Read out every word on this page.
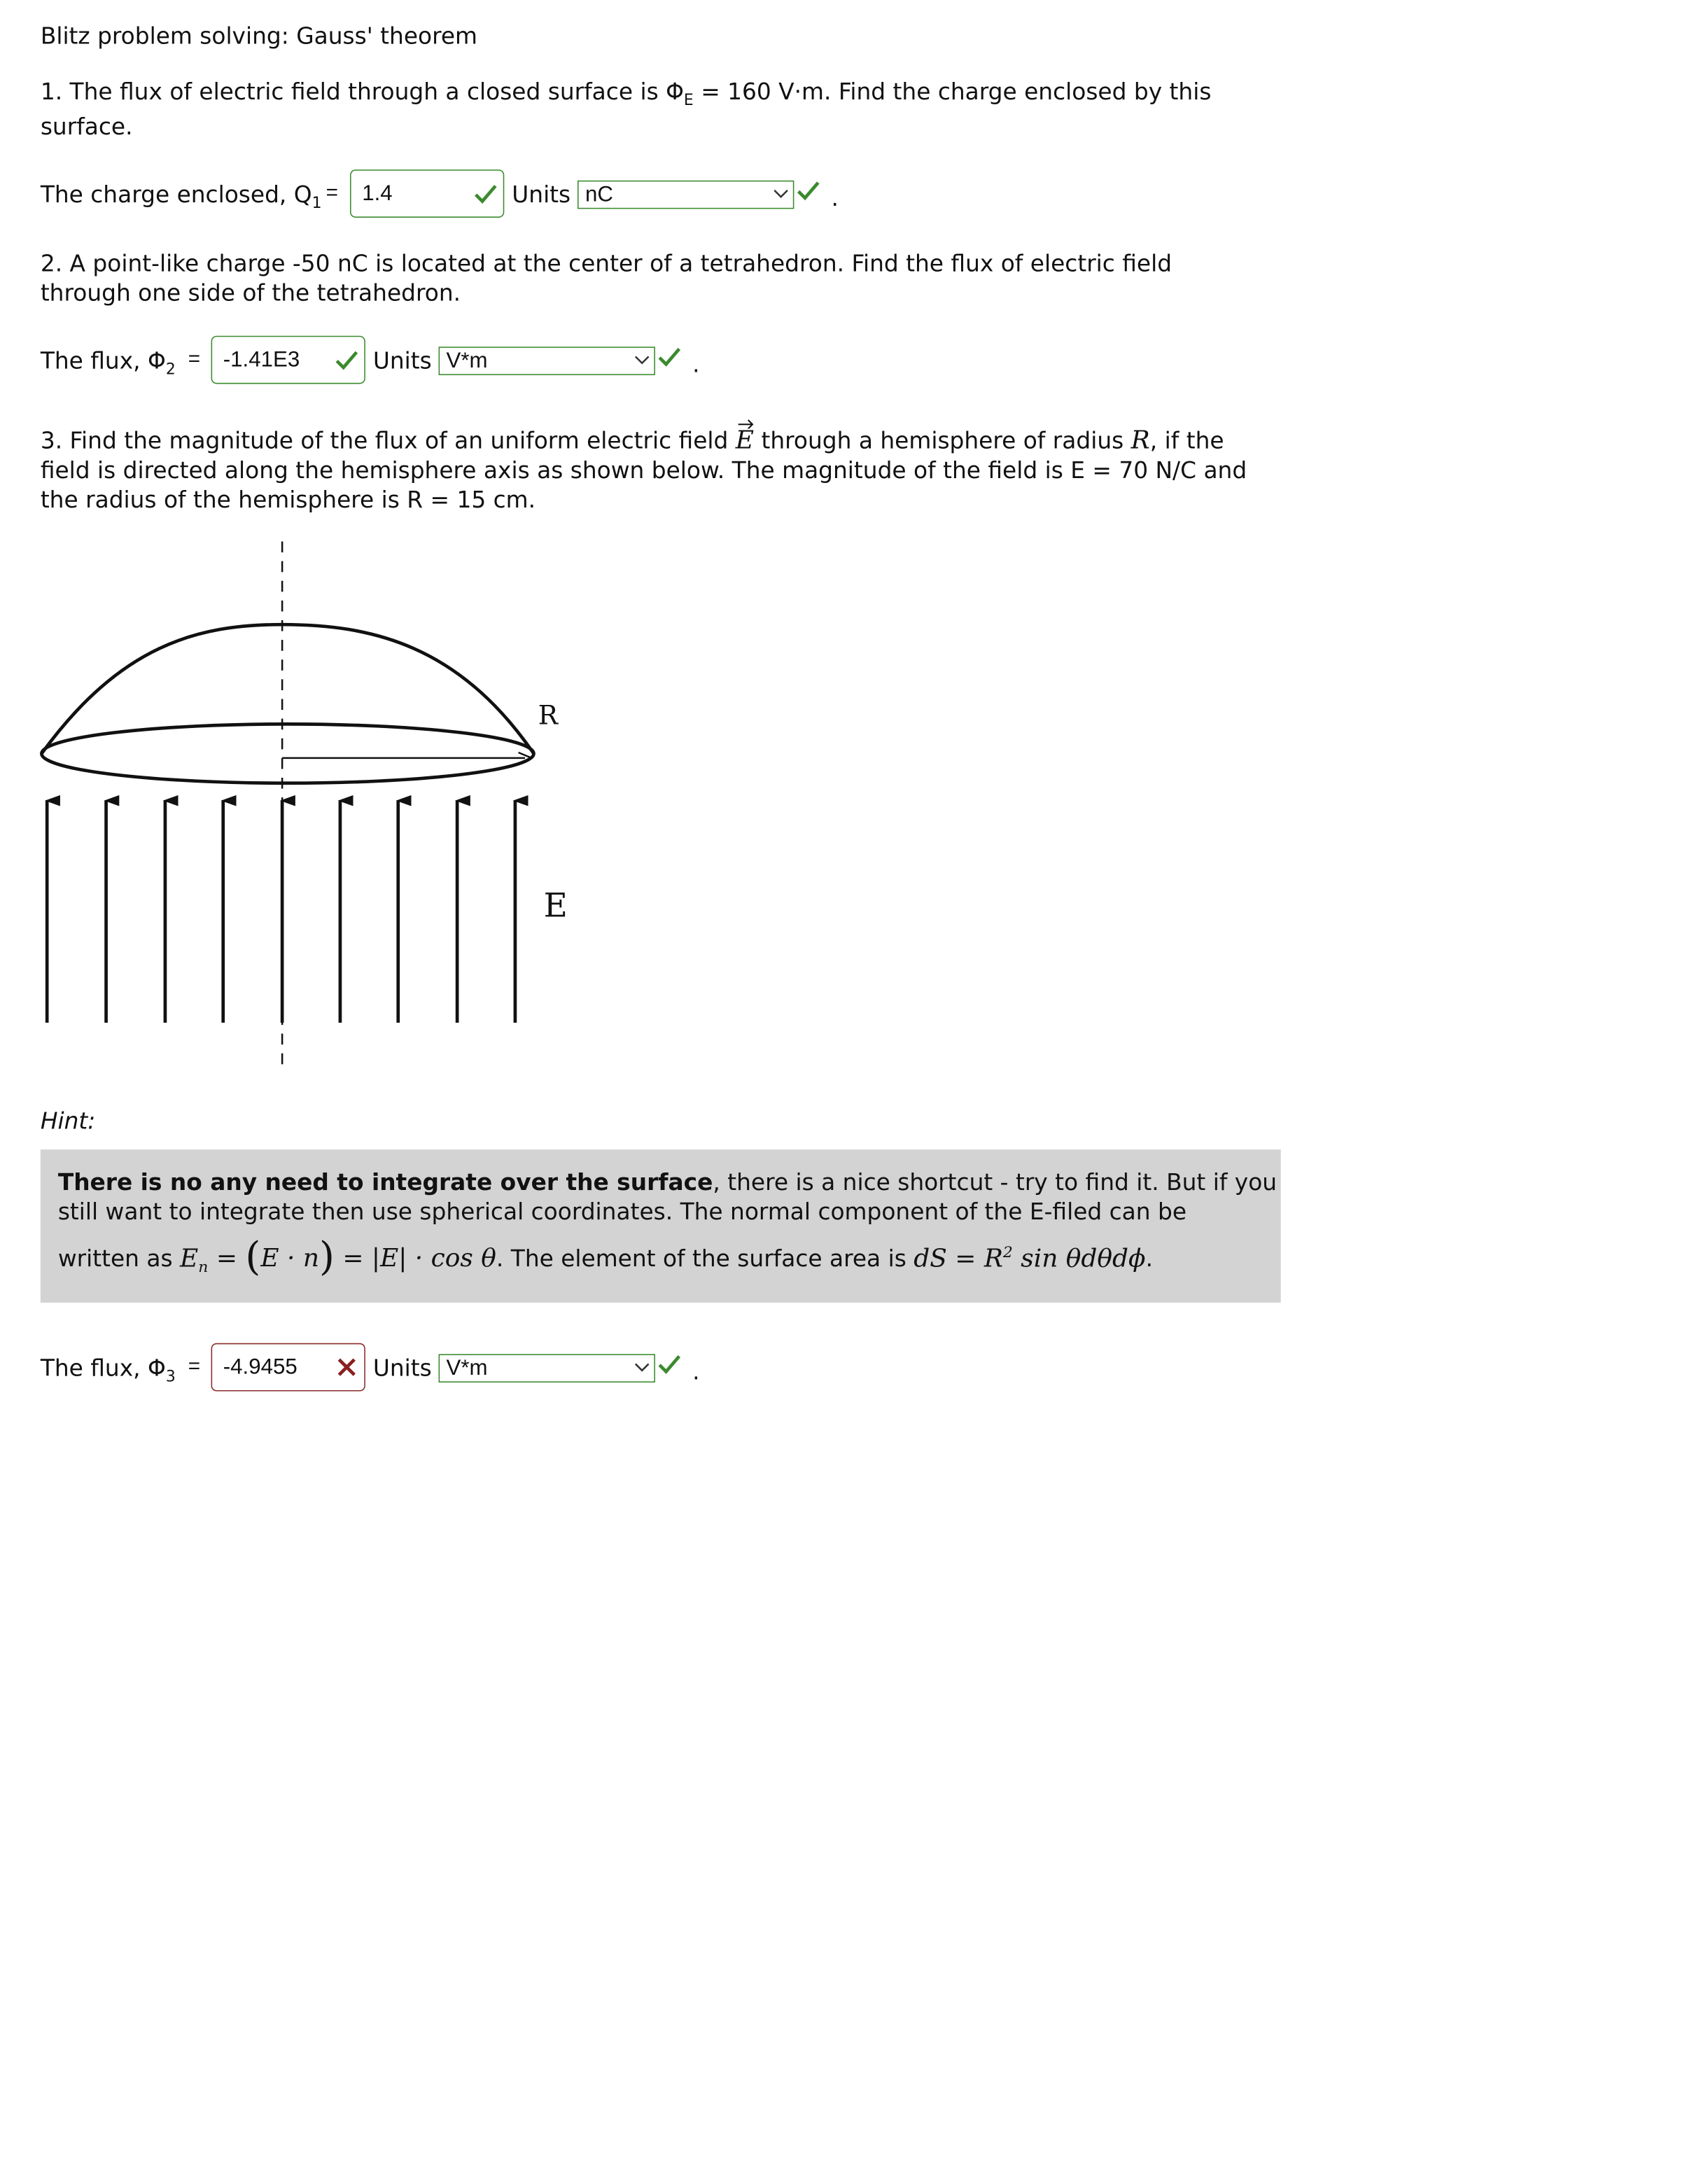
Blitz problem solving: Gauss' theorem
1. The flux of electric field through a closed surface is $\Phi_E = 160$ V·m. Find the charge enclosed by this
surface.
The charge enclosed, $Q_1$ =
1.4	Units nC	.
2. A point-like charge -50 nC is located at the center of a tetrahedron. Find the flux of electric field
through one side of the tetrahedron.
The flux, $\Phi_2$ =
-1.41E3	Units V*m	.
3. Find the magnitude of the flux of an uniform electric field E
through a hemisphere of radius R, if the
field is directed along the hemisphere axis as shown below. The magnitude of the field is E = 70 N/C and
the radius of the hemisphere is R = 15 cm.
R
E
Hint:
There is no any need to integrate over the surface, there is a nice shortcut - try to find it. But if you
still want to integrate then use spherical coordinates. The normal component of the E-filed can be
written as $E_n = (E \cdot n) = |E| \cdot \cos \theta$. The element of the surface area is dS = $R^2$ sin θdθdϕ.
The flux, $\Phi_3$ =
-4.9455	Units V*m	.
